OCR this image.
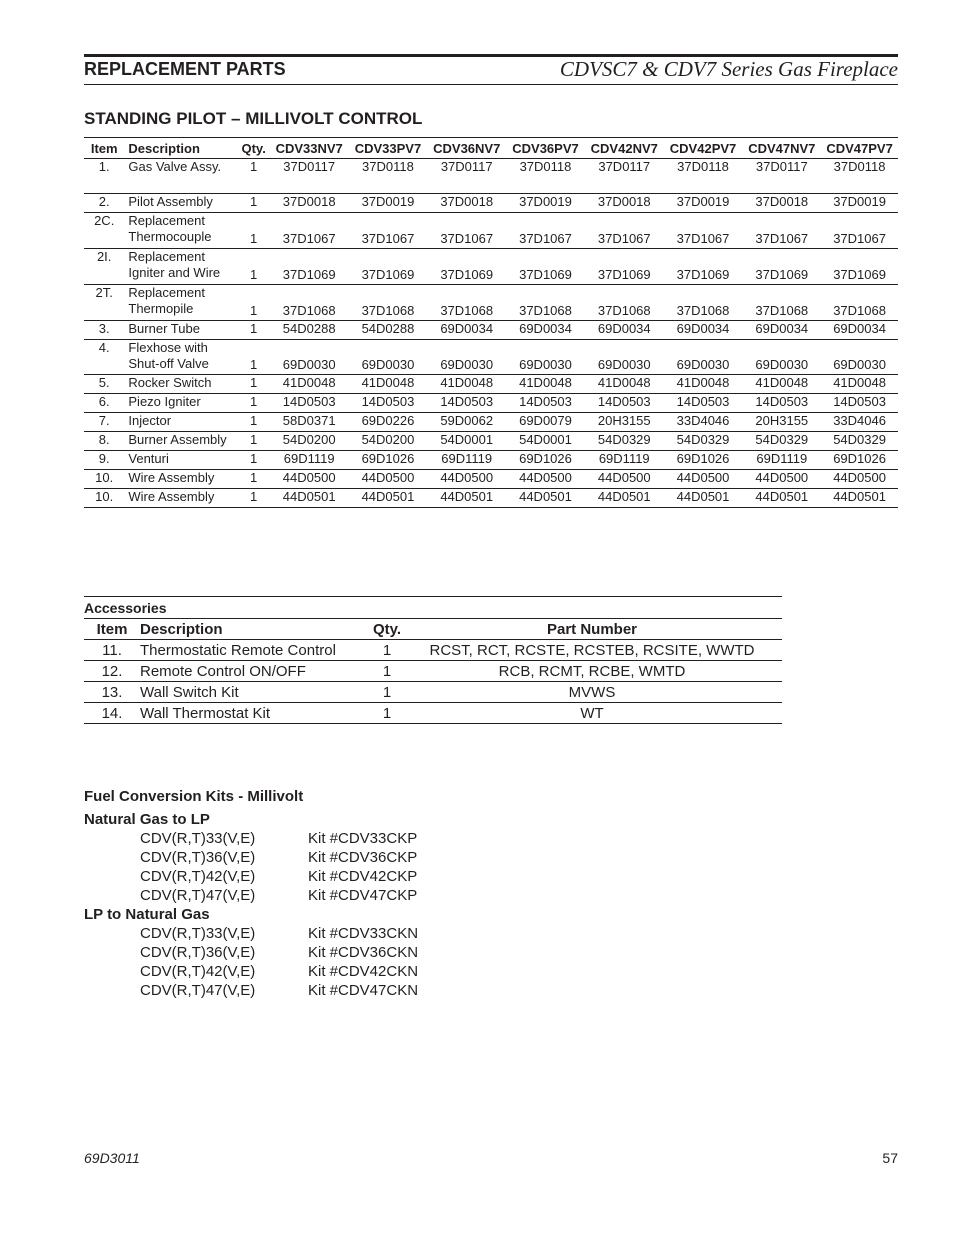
REPLACEMENT PARTS	CDVSC7 & CDV7 Series Gas Fireplace
STANDING PILOT – MILLIVOLT CONTROL
Item	Description	Qty.	CDV33NV7	CDV33PV7	CDV36NV7	CDV36PV7	CDV42NV7	CDV42PV7	CDV47NV7	CDV47PV7
1.	Gas Valve Assy.	1	37D0117	37D0118	37D0117	37D0118	37D0117	37D0118	37D0117	37D0118
2.	Pilot Assembly	1	37D0018	37D0019	37D0018	37D0019	37D0018	37D0019	37D0018	37D0019
2C.	Replacement Thermocouple	1	37D1067	37D1067	37D1067	37D1067	37D1067	37D1067	37D1067	37D1067
2I.	Replacement Igniter and Wire	1	37D1069	37D1069	37D1069	37D1069	37D1069	37D1069	37D1069	37D1069
2T.	Replacement Thermopile	1	37D1068	37D1068	37D1068	37D1068	37D1068	37D1068	37D1068	37D1068
3.	Burner Tube	1	54D0288	54D0288	69D0034	69D0034	69D0034	69D0034	69D0034	69D0034
4.	Flexhose with Shut-off Valve	1	69D0030	69D0030	69D0030	69D0030	69D0030	69D0030	69D0030	69D0030
5.	Rocker Switch	1	41D0048	41D0048	41D0048	41D0048	41D0048	41D0048	41D0048	41D0048
6.	Piezo Igniter	1	14D0503	14D0503	14D0503	14D0503	14D0503	14D0503	14D0503	14D0503
7.	Injector	1	58D0371	69D0226	59D0062	69D0079	20H3155	33D4046	20H3155	33D4046
8.	Burner Assembly	1	54D0200	54D0200	54D0001	54D0001	54D0329	54D0329	54D0329	54D0329
9.	Venturi	1	69D1119	69D1026	69D1119	69D1026	69D1119	69D1026	69D1119	69D1026
10.	Wire Assembly	1	44D0500	44D0500	44D0500	44D0500	44D0500	44D0500	44D0500	44D0500
10.	Wire Assembly	1	44D0501	44D0501	44D0501	44D0501	44D0501	44D0501	44D0501	44D0501
Accessories
Item	Description	Qty.	Part Number
11.	Thermostatic Remote Control	1	RCST, RCT, RCSTE, RCSTEB, RCSITE, WWTD
12.	Remote Control ON/OFF	1	RCB, RCMT, RCBE, WMTD
13.	Wall Switch Kit	1	MVWS
14.	Wall Thermostat Kit	1	WT
Fuel Conversion Kits - Millivolt
Natural Gas to LP
CDV(R,T)33(V,E)	Kit #CDV33CKP
CDV(R,T)36(V,E)	Kit #CDV36CKP
CDV(R,T)42(V,E)	Kit #CDV42CKP
CDV(R,T)47(V,E)	Kit #CDV47CKP
LP to Natural Gas
CDV(R,T)33(V,E)	Kit #CDV33CKN
CDV(R,T)36(V,E)	Kit #CDV36CKN
CDV(R,T)42(V,E)	Kit #CDV42CKN
CDV(R,T)47(V,E)	Kit #CDV47CKN
69D3011	57
